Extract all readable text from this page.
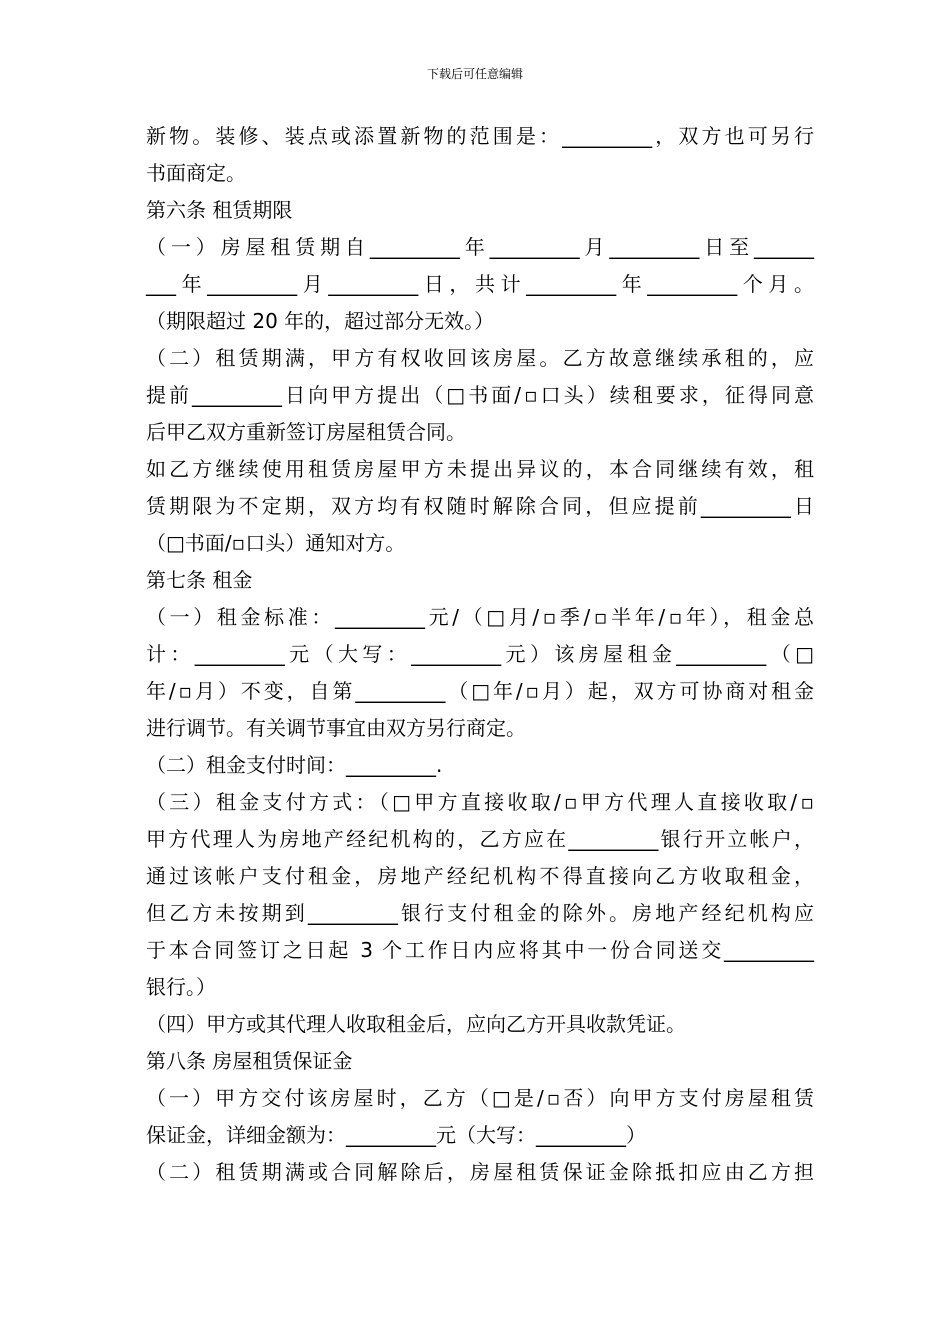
下载后可任意编辑
新物。装修、装点或添置新物的范围是：_________，双方也可另行
书面商定。
第六条 租赁期限
（一）房屋租赁期自_________年_________月_________日至______
___年_________月_________日，共计_________年_________个月。
（期限超过 20 年的，超过部分无效。）
（二）租赁期满，甲方有权收回该房屋。乙方故意继续承租的，应
提前_________日向甲方提出（□书面/▫口头）续租要求，征得同意
后甲乙双方重新签订房屋租赁合同。
如乙方继续使用租赁房屋甲方未提出异议的，本合同继续有效，租
赁期限为不定期，双方均有权随时解除合同，但应提前_________日
（□书面/▫口头）通知对方。
第七条 租金
（一）租金标准：_________元/（□月/▫季/▫半年/▫年），租金总
计：_________元（大写：_________元）该房屋租金_________（□
年/▫月）不变，自第_________（□年/▫月）起，双方可协商对租金
进行调节。有关调节事宜由双方另行商定。
（二）租金支付时间：_________.
（三）租金支付方式：（□甲方直接收取/▫甲方代理人直接收取/▫
甲方代理人为房地产经纪机构的，乙方应在_________银行开立帐户，
通过该帐户支付租金，房地产经纪机构不得直接向乙方收取租金，
但乙方未按期到_________银行支付租金的除外。房地产经纪机构应
于本合同签订之日起 3 个工作日内应将其中一份合同送交_________
银行。）
（四）甲方或其代理人收取租金后，应向乙方开具收款凭证。
第八条 房屋租赁保证金
（一）甲方交付该房屋时，乙方（□是/▫否）向甲方支付房屋租赁
保证金，详细金额为：_________元（大写：_________）
（二）租赁期满或合同解除后，房屋租赁保证金除抵扣应由乙方担
